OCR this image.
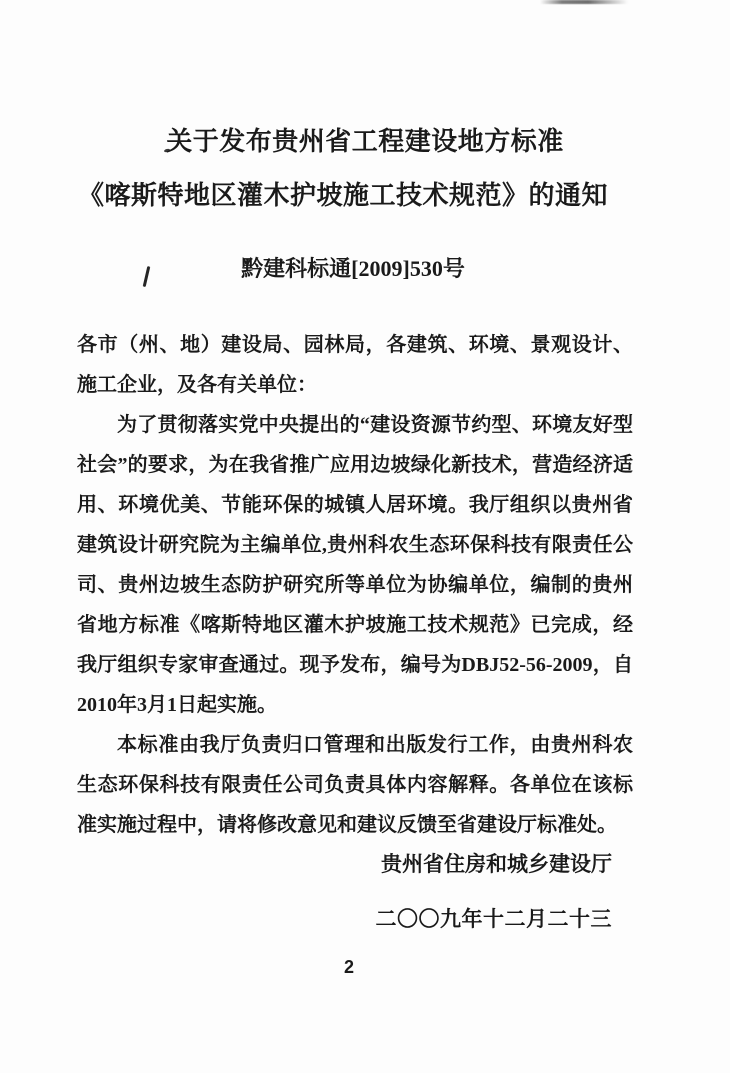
关于发布贵州省工程建设地方标准
《喀斯特地区灌木护坡施工技术规范》的通知
黔建科标通[2009]530号

各市（州、地）建设局、园林局，各建筑、环境、景观设计、施工企业，及各有关单位：

为了贯彻落实党中央提出的“建设资源节约型、环境友好型社会”的要求，为在我省推广应用边坡绿化新技术，营造经济适用、环境优美、节能环保的城镇人居环境。我厅组织以贵州省建筑设计研究院为主编单位,贵州科农生态环保科技有限责任公司、贵州边坡生态防护研究所等单位为协编单位，编制的贵州省地方标准《喀斯特地区灌木护坡施工技术规范》已完成，经我厅组织专家审查通过。现予发布，编号为DBJ52-56-2009，自2010年3月1日起实施。

本标准由我厅负责归口管理和出版发行工作，由贵州科农生态环保科技有限责任公司负责具体内容解释。各单位在该标准实施过程中，请将修改意见和建议反馈至省建设厅标准处。

贵州省住房和城乡建设厅
二〇〇九年十二月二十三
2
